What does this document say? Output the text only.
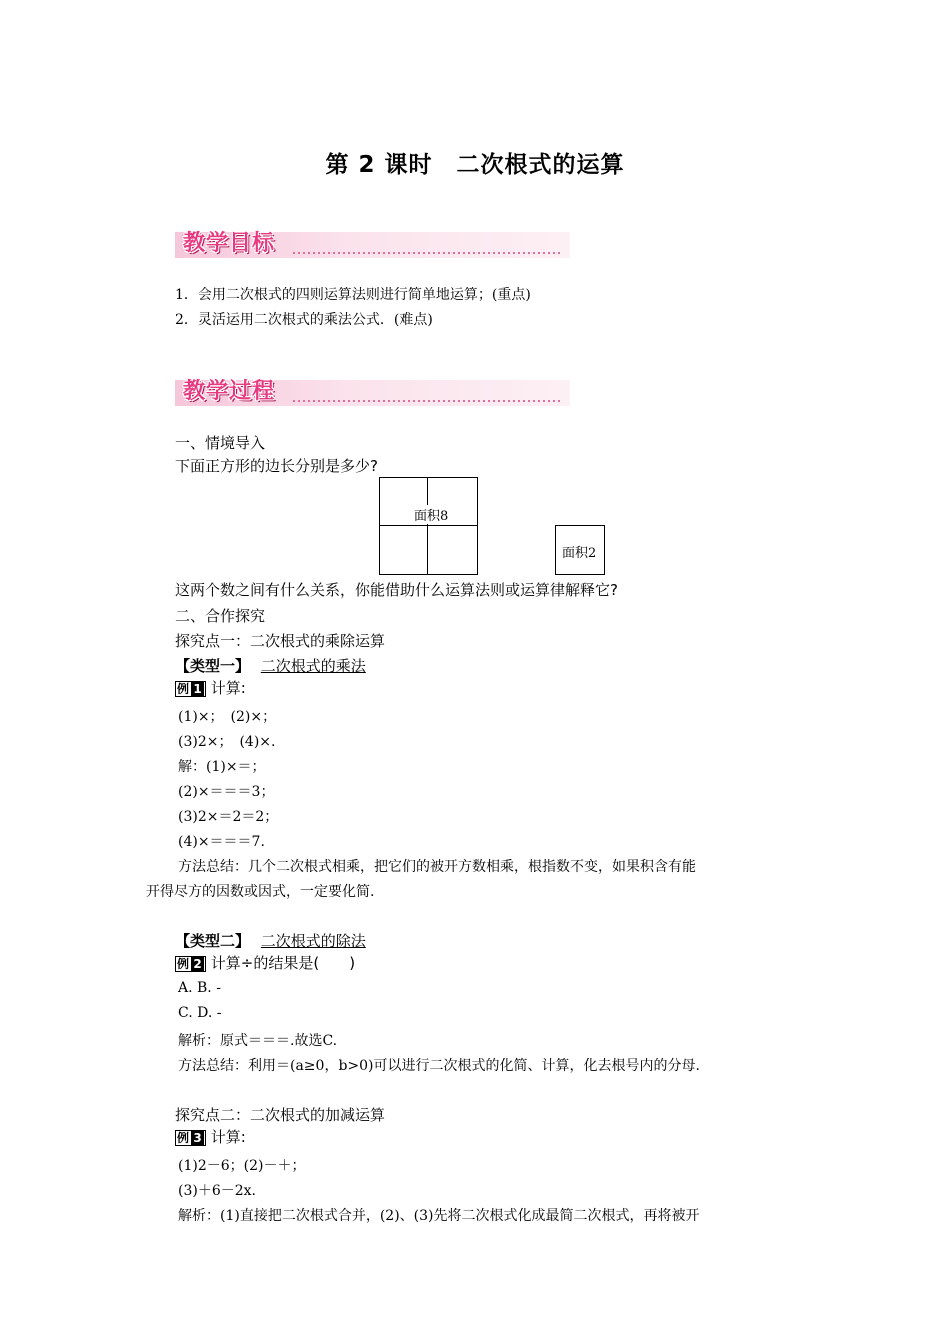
第 2 课时　二次根式的运算
教学目标
1．会用二次根式的四则运算法则进行简单地运算；(重点)
2．灵活运用二次根式的乘法公式．(难点)
教学过程
一、情境导入
下面正方形的边长分别是多少?
面积8
面积2
这两个数之间有什么关系，你能借助什么运算法则或运算律解释它?
二、合作探究
探究点一：二次根式的乘除运算
【类型一】 二次根式的乘法
例 1 计算:
(1)×；　(2)×；
(3)2×；　(4)×.
解：(1)×＝；
(2)×＝＝＝3；
(3)2×＝2＝2；
(4)×＝＝＝7.
方法总结：几个二次根式相乘，把它们的被开方数相乘，根指数不变，如果积含有能
开得尽方的因数或因式，一定要化简.
【类型二】 二次根式的除法
例 2 计算÷的结果是(　　)
A. B. -
C. D. -
解析：原式＝＝＝.故选C.
方法总结：利用＝(a≥0，b>0)可以进行二次根式的化简、计算，化去根号内的分母.
探究点二：二次根式的加减运算
例 3 计算:
(1)2－6；(2)－＋；
(3)＋6－2x.
解析：(1)直接把二次根式合并，(2)、(3)先将二次根式化成最简二次根式，再将被开
